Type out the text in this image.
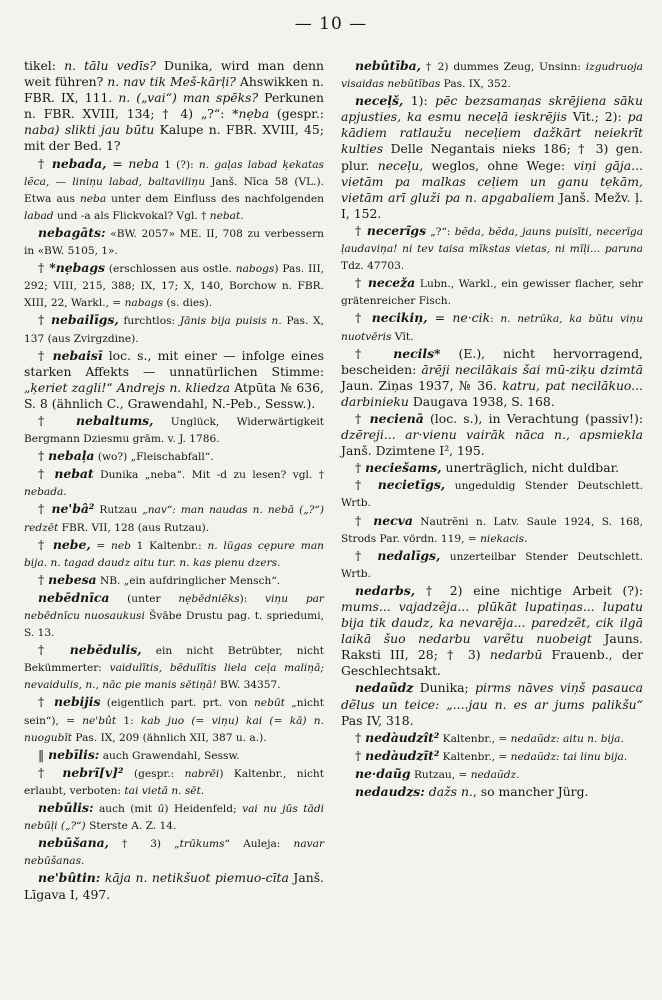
— 10 —

tikel: n. tālu vedīs? Dunika, wird man denn weit führen? n. nav tik Meš-kārļi? Ahswikken n. FBR. IX, 111. n. („vai“) man spēks? Perkunen n. FBR. XVIII, 134; † 4) „?“: *nẹba (gespr.: naba) slikti jau būtu Kalupe n. FBR. XVIII, 45; mit der Bed. 1?

† nebada, = neba 1 (?): n. gaļas labad ķekatas lẽca, — liniņu labad, baltaviliņu Janš. Nīca 58 (VL.). Etwa aus neba unter dem Einfluss des nachfolgenden labad und -a als Flickvokal? Vgl. † nebat.

nebagāts: «BW. 2057» ME. II, 708 zu verbessern in «BW. 5105, 1».

† *nẹbags (erschlossen aus ostle. nabogs) Pas. III, 292; VIII, 215, 388; IX, 17; X, 140, Borchow n. FBR. XIII, 22, Warkl., = nabags (s. dies).

† nebailīgs, furchtlos: Jānis bija puisis n. Pas. X, 137 (aus Zvirgzdine).

† nebaisī loc. s., mit einer — infolge eines starken Affekts — unnatürlichen Stimme: „ķeriet zagli!“ Andrejs n. kliedza Atpūta № 636, S. 8 (ähnlich C., Grawendahl, N.-Peb., Sessw.).

† nebaltums, Unglück, Widerwärtigkeit Bergmann Dziesmu grām. v. J. 1786.

† nebaļa (wo?) „Fleischabfall“.

† nebat Dunika „neba“. Mit -d zu lesen? vgl. † nebada.

† ne'bâ² Rutzau „nav“: man naudas n. nebā („?“) redzēt FBR. VII, 128 (aus Rutzau).

† nebe, = neb 1 Kaltenbr.: n. lūgas cẹpure man bija. n. tagad daudz aitu tur. n. kas pienu dzers.

† nebesa NB. „ein aufdringlicher Mensch“.

nebēdnīca (unter nẹbēdniẽks): viņu par nebēdnīcu nuosaukusi Švābe Drustu pag. t. spriedumi, S. 13.

† nebēdulis, ein nicht Betrübter, nicht Bekümmerter: vaidulītis, bēdulītis liela ceļa maliņā; nevaidulis, n., nāc pie manis sētiņā! BW. 34357.

† nebijis (eigentlich part. prt. von nebūt „nicht sein“), = ne'bût 1: kab juo (= viņu) kai (= kā) n. nuogubīt Pas. IX, 209 (ähnlich XII, 387 u. a.).

‖ nebīlis: auch Grawendahl, Sessw.

† nebrĩ[v]² (gespr.: nabrēi) Kaltenbr., nicht erlaubt, verboten: tai vietā n. sēt.

nebūlis: auch (mit ū) Heidenfeld; vai nu jūs tādi nebūļi („?“) Sterste A. Z. 14.

nebūšana, † 3) „trūkums“ Auleja: navar nebūšanas.

ne'bûtin: kāja n. netikšuot piemuo-cīta Janš. Līgava I, 497.

nebûtība, † 2) dummes Zeug, Unsinn: izgudruoja visaidas nebūtības Pas. IX, 352.

neceļš, 1): pēc bezsamaņas skrējiena sāku apjusties, ka esmu neceļā ieskrējis Vīt.; 2): pa kādiem ratlaužu neceļiem dažkārt neiekrīt kulties Delle Negantais nieks 186; † 3) gen. plur. neceļu, weglos, ohne Wege: viņi gāja... vietām pa malkas ceļiem un ganu tẹkām, vietām arī gluži pa n. apgabaliem Janš. Mežv. ļ. I, 152.

† necerĩgs „?“: bẽda, bẽda, jauns puisīti, necerīga ļaudaviņa! ni tev taisa mīkstas vietas, ni mīļi... paruna Tdz. 47703.

† neceža Lubn., Warkl., ein gewisser flacher, sehr grätenreicher Fisch.

† necikiņ, = ne·cik: n. netrūka, ka būtu viņu nuotvēris Vīt.

† necils* (E.), nicht hervorragend, bescheiden: ārēji necilākais šai mū-ziķu dzimtā Jaun. Ziņas 1937, № 36. katru, pat necilākuo... darbinieku Daugava 1938, S. 168.

† necienā (loc. s.), in Verachtung (passiv!): dzēreji... ar·vienu vairāk nāca n., apsmiekla Janš. Dzimtene I², 195.

† neciešams, unerträglich, nicht duldbar.

† necietīgs, ungeduldig Stender Deutschlett. Wrtb.

† necva Nautrẽni n. Latv. Saule 1924, S. 168, Strods Par. vördn. 119, = niekacis.

† nedalīgs, unzerteilbar Stender Deutschlett. Wrtb.

nedarbs, † 2) eine nichtige Arbeit (?): mums... vajadzẽja... plūkāt lupatiņas... lupatu bija tik daudz, ka nevarēja... paredzẽt, cik ilgā laikā šuo nedarbu varẽtu nuobeigt Jauns. Raksti III, 28; † 3) nedarbū Frauenb., der Geschlechtsakt.

nedaũdz Dunika; pirms nāves viņš pasauca dẽlus un teice: „....jau n. es ar jums palikšu“ Pas IV, 318.

† nedàudzît² Kaltenbr., = nedaũdz: aitu n. bija.

† nedàudzĩt² Kaltenbr., = nedaũdz: tai linu bija.

ne·daũg Rutzau, = nedaũdz.

nedaudzs: dažs n., so mancher Jürg.
